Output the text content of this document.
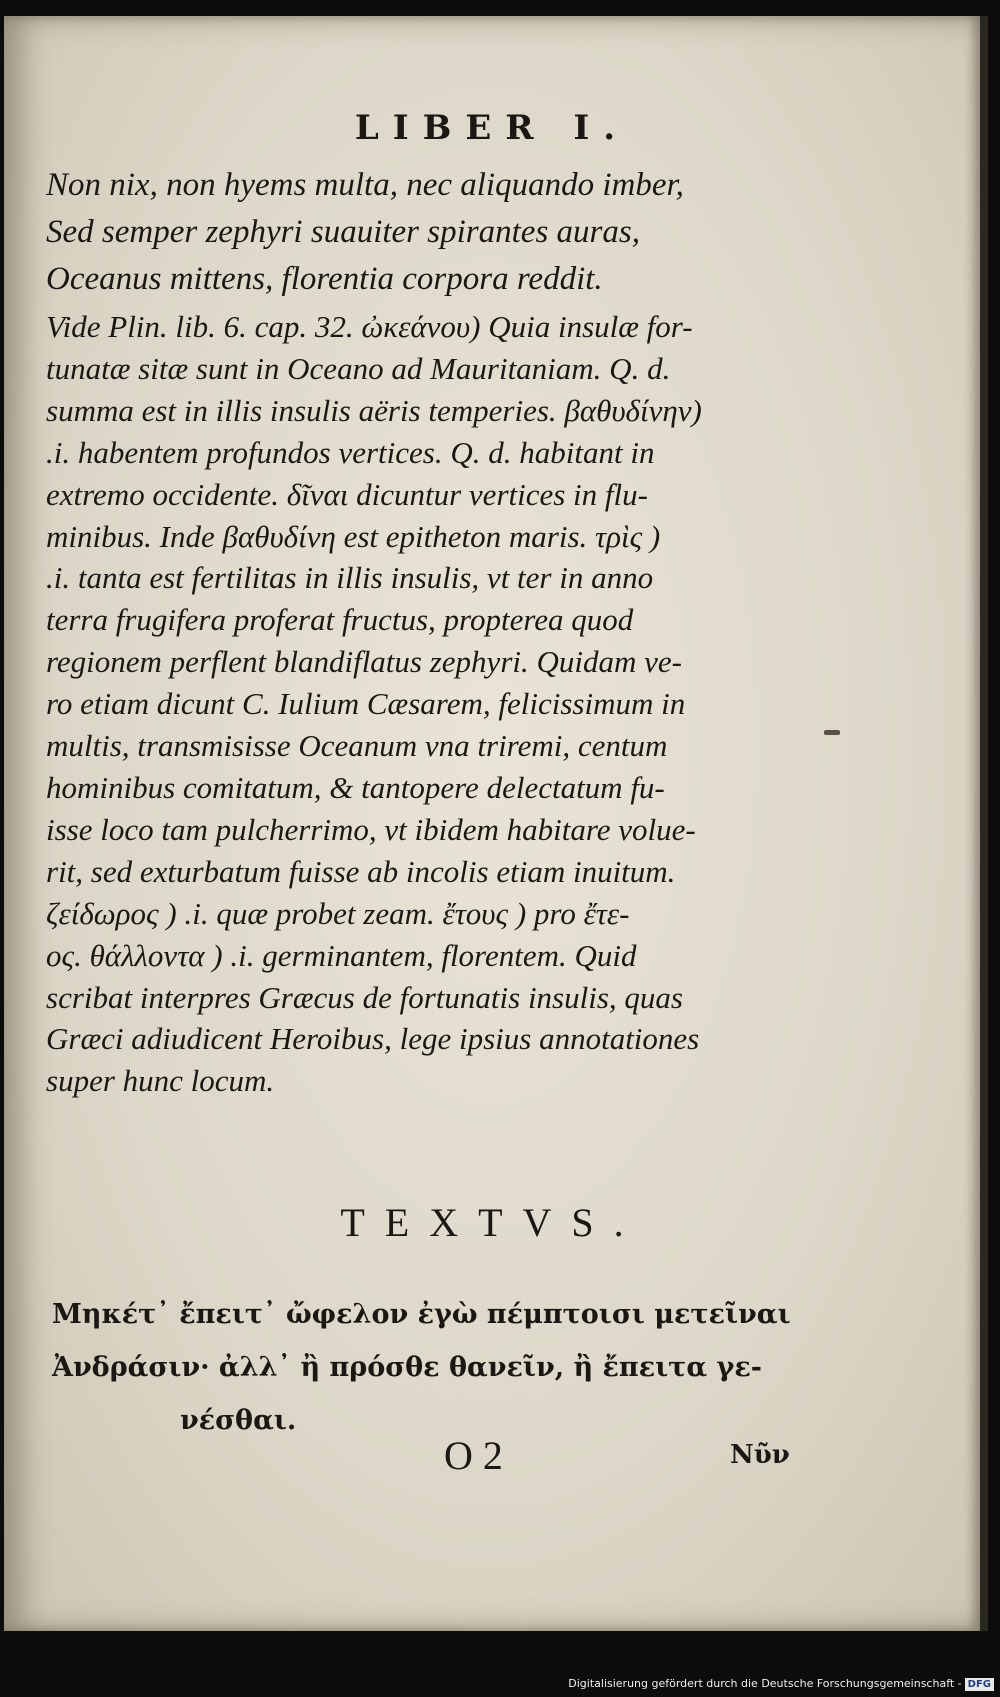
LIBER I.
Non nix, non hyems multa, nec aliquando imber,
Sed semper zephyri suauiter spirantes auras,
Oceanus mittens, florentia corpora reddit.
Vide Plin. lib. 6. cap. 32. ὠκεάνου) Quia insulæ for-
tunatæ sitæ sunt in Oceano ad Mauritaniam. Q. d.
summa est in illis insulis aëris temperies. βαθυδίνην)
.i. habentem profundos vertices. Q. d. habitant in
extremo occidente. δῖναι dicuntur vertices in flu-
minibus. Inde βαθυδίνη est epitheton maris. τρὶς )
.i. tanta est fertilitas in illis insulis, vt ter in anno
terra frugifera proferat fructus, propterea quod
regionem perflent blandiflatus zephyri. Quidam ve-
ro etiam dicunt C. Iulium Cæsarem, felicissimum in
multis, transmisisse Oceanum vna triremi, centum
hominibus comitatum, & tantopere delectatum fu-
isse loco tam pulcherrimo, vt ibidem habitare volue-
rit, sed exturbatum fuisse ab incolis etiam inuitum.
ζείδωρος ) .i. quæ probet zeam. ἔτους ) pro ἔτε-
ος. θάλλοντα ) .i. germinantem, florentem. Quid
scribat interpres Græcus de fortunatis insulis, quas
Græci adiudicent Heroibus, lege ipsius annotationes
super hunc locum.
TEXTVS.
Μηκέτ᾽ ἔπειτ᾽ ὤφελον ἐγὼ πέμπτοισι μετεῖναι
Ἀνδράσιν· ἀλλ᾽ ἢ πρόσθε θανεῖν, ἢ ἔπειτα γε-
νέσθαι.
O 2	Νῦν
Digitalisierung gefördert durch die Deutsche Forschungsgemeinschaft - DFG
